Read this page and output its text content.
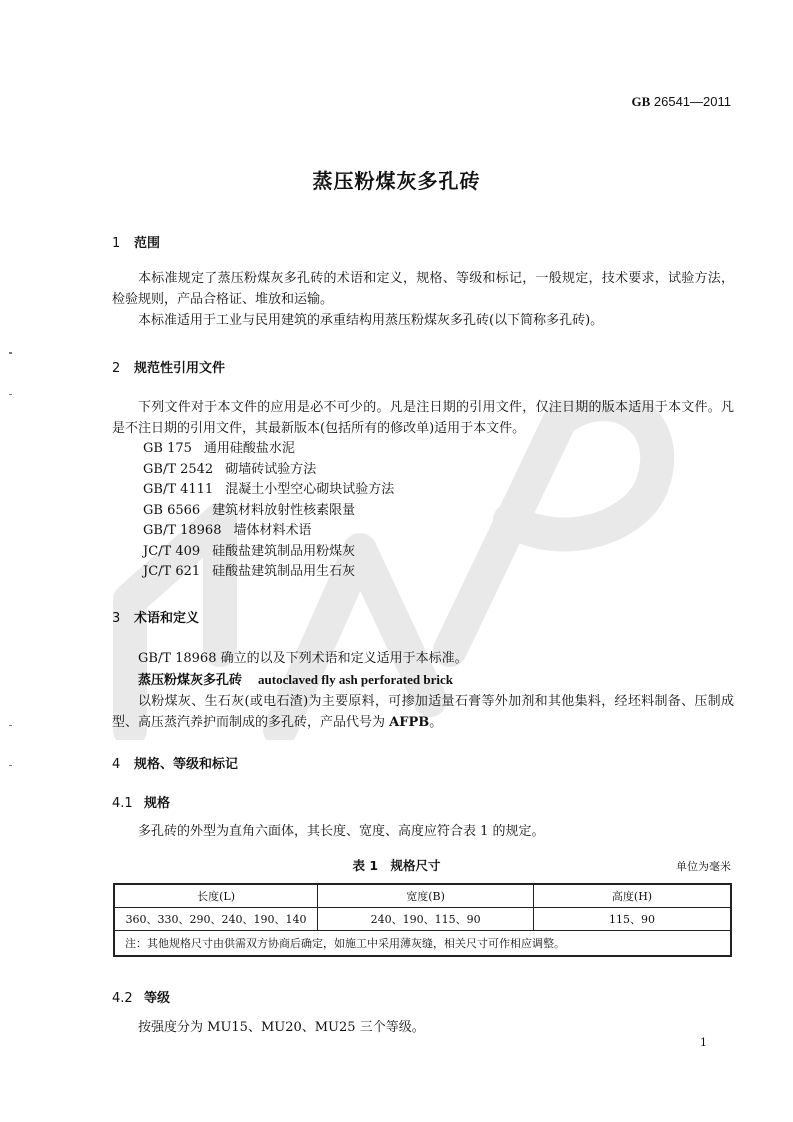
GB 26541—2011
蒸压粉煤灰多孔砖
1 范围

本标准规定了蒸压粉煤灰多孔砖的术语和定义，规格、等级和标记，一般规定，技术要求，试验方法，检验规则，产品合格证、堆放和运输。

本标准适用于工业与民用建筑的承重结构用蒸压粉煤灰多孔砖(以下简称多孔砖)。

2 规范性引用文件

下列文件对于本文件的应用是必不可少的。凡是注日期的引用文件，仅注日期的版本适用于本文件。凡是不注日期的引用文件，其最新版本(包括所有的修改单)适用于本文件。

GB 175 通用硅酸盐水泥
GB/T 2542 砌墙砖试验方法
GB/T 4111 混凝土小型空心砌块试验方法
GB 6566 建筑材料放射性核素限量
GB/T 18968 墙体材料术语
JC/T 409 硅酸盐建筑制品用粉煤灰
JC/T 621 硅酸盐建筑制品用生石灰
3 术语和定义

GB/T 18968 确立的以及下列术语和定义适用于本标准。

蒸压粉煤灰多孔砖 autoclaved fly ash perforated brick

以粉煤灰、生石灰(或电石渣)为主要原料，可掺加适量石膏等外加剂和其他集料，经坯料制备、压制成型、高压蒸汽养护而制成的多孔砖，产品代号为 AFPB。

4 规格、等级和标记
4.1 规格

多孔砖的外型为直角六面体，其长度、宽度、高度应符合表 1 的规定。

表 1　规格尺寸	单位为毫米
长度(L)	宽度(B)	高度(H)
360、330、290、240、190、140	240、190、115、90	115、90
注：其他规格尺寸由供需双方协商后确定，如施工中采用薄灰缝，相关尺寸可作相应调整。		
4.2 等级

按强度分为 MU15、MU20、MU25 三个等级。

1
